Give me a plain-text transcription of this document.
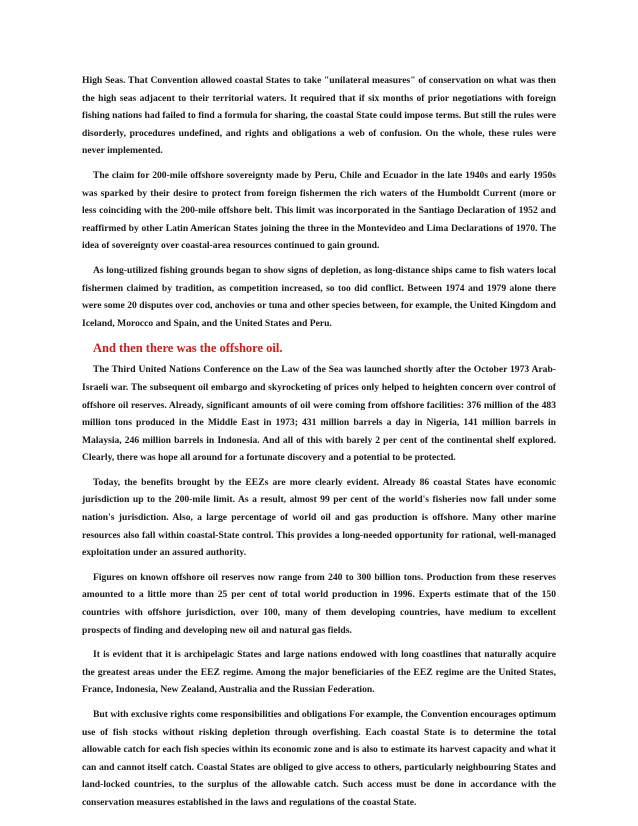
High Seas. That Convention allowed coastal States to take "unilateral measures" of conservation on what was then the high seas adjacent to their territorial waters. It required that if six months of prior negotiations with foreign fishing nations had failed to find a formula for sharing, the coastal State could impose terms. But still the rules were disorderly, procedures undefined, and rights and obligations a web of confusion. On the whole, these rules were never implemented.

The claim for 200-mile offshore sovereignty made by Peru, Chile and Ecuador in the late 1940s and early 1950s was sparked by their desire to protect from foreign fishermen the rich waters of the Humboldt Current (more or less coinciding with the 200-mile offshore belt. This limit was incorporated in the Santiago Declaration of 1952 and reaffirmed by other Latin American States joining the three in the Montevideo and Lima Declarations of 1970. The idea of sovereignty over coastal-area resources continued to gain ground.

As long-utilized fishing grounds began to show signs of depletion, as long-distance ships came to fish waters local fishermen claimed by tradition, as competition increased, so too did conflict. Between 1974 and 1979 alone there were some 20 disputes over cod, anchovies or tuna and other species between, for example, the United Kingdom and Iceland, Morocco and Spain, and the United States and Peru.

And then there was the offshore oil.

The Third United Nations Conference on the Law of the Sea was launched shortly after the October 1973 Arab-Israeli war. The subsequent oil embargo and skyrocketing of prices only helped to heighten concern over control of offshore oil reserves. Already, significant amounts of oil were coming from offshore facilities: 376 million of the 483 million tons produced in the Middle East in 1973; 431 million barrels a day in Nigeria, 141 million barrels in Malaysia, 246 million barrels in Indonesia. And all of this with barely 2 per cent of the continental shelf explored. Clearly, there was hope all around for a fortunate discovery and a potential to be protected.

Today, the benefits brought by the EEZs are more clearly evident. Already 86 coastal States have economic jurisdiction up to the 200-mile limit. As a result, almost 99 per cent of the world's fisheries now fall under some nation's jurisdiction. Also, a large percentage of world oil and gas production is offshore. Many other marine resources also fall within coastal-State control. This provides a long-needed opportunity for rational, well-managed exploitation under an assured authority.

Figures on known offshore oil reserves now range from 240 to 300 billion tons. Production from these reserves amounted to a little more than 25 per cent of total world production in 1996. Experts estimate that of the 150 countries with offshore jurisdiction, over 100, many of them developing countries, have medium to excellent prospects of finding and developing new oil and natural gas fields.

It is evident that it is archipelagic States and large nations endowed with long coastlines that naturally acquire the greatest areas under the EEZ regime. Among the major beneficiaries of the EEZ regime are the United States, France, Indonesia, New Zealand, Australia and the Russian Federation.

But with exclusive rights come responsibilities and obligations For example, the Convention encourages optimum use of fish stocks without risking depletion through overfishing. Each coastal State is to determine the total allowable catch for each fish species within its economic zone and is also to estimate its harvest capacity and what it can and cannot itself catch. Coastal States are obliged to give access to others, particularly neighbouring States and land-locked countries, to the surplus of the allowable catch. Such access must be done in accordance with the conservation measures established in the laws and regulations of the coastal State.
